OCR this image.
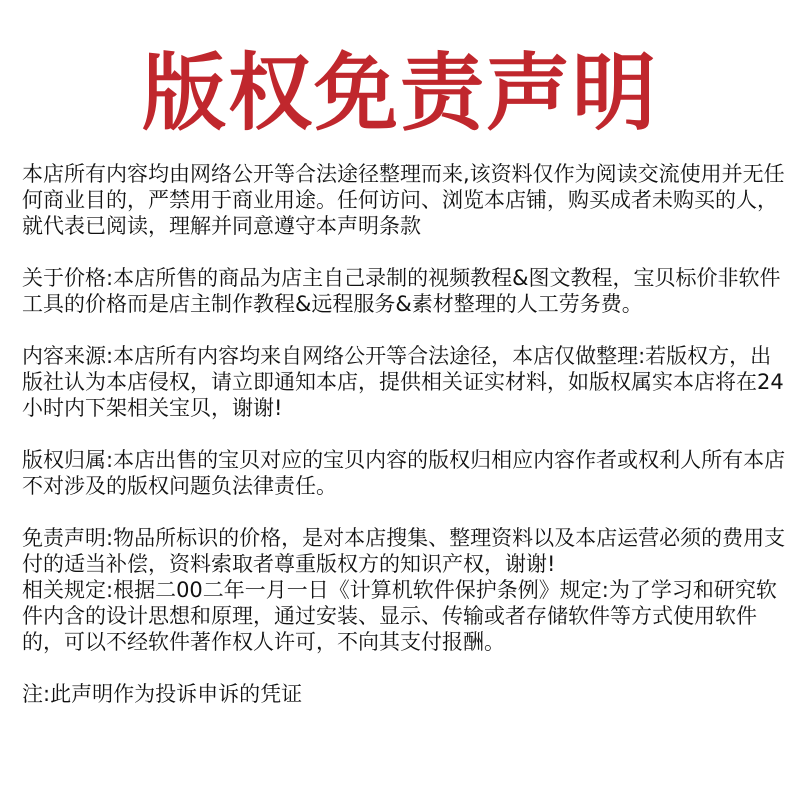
版权免责声明

本店所有内容均由网络公开等合法途径整理而来,该资料仅作为阅读交流使用并无任何商业目的，严禁用于商业用途。任何访问、浏览本店铺，购买成者未购买的人，就代表已阅读，理解并同意遵守本声明条款

关于价格:本店所售的商品为店主自己录制的视频教程&图文教程，宝贝标价非软件工具的价格而是店主制作教程&远程服务&素材整理的人工劳务费。

内容来源:本店所有内容均来自网络公开等合法途径，本店仅做整理:若版权方，出版社认为本店侵权，请立即通知本店，提供相关证实材料，如版权属实本店将在24小时内下架相关宝贝，谢谢!

版权归属:本店出售的宝贝对应的宝贝内容的版权归相应内容作者或权利人所有本店不对涉及的版权问题负法律责任。

免责声明:物品所标识的价格，是对本店搜集、整理资料以及本店运营必须的费用支付的适当补偿，资料索取者尊重版权方的知识产权，谢谢!

相关规定:根据二00二年一月一日《计算机软件保护条例》规定:为了学习和研究软件内含的设计思想和原理，通过安装、显示、传输或者存储软件等方式使用软件的，可以不经软件著作权人许可，不向其支付报酬。

注:此声明作为投诉申诉的凭证
